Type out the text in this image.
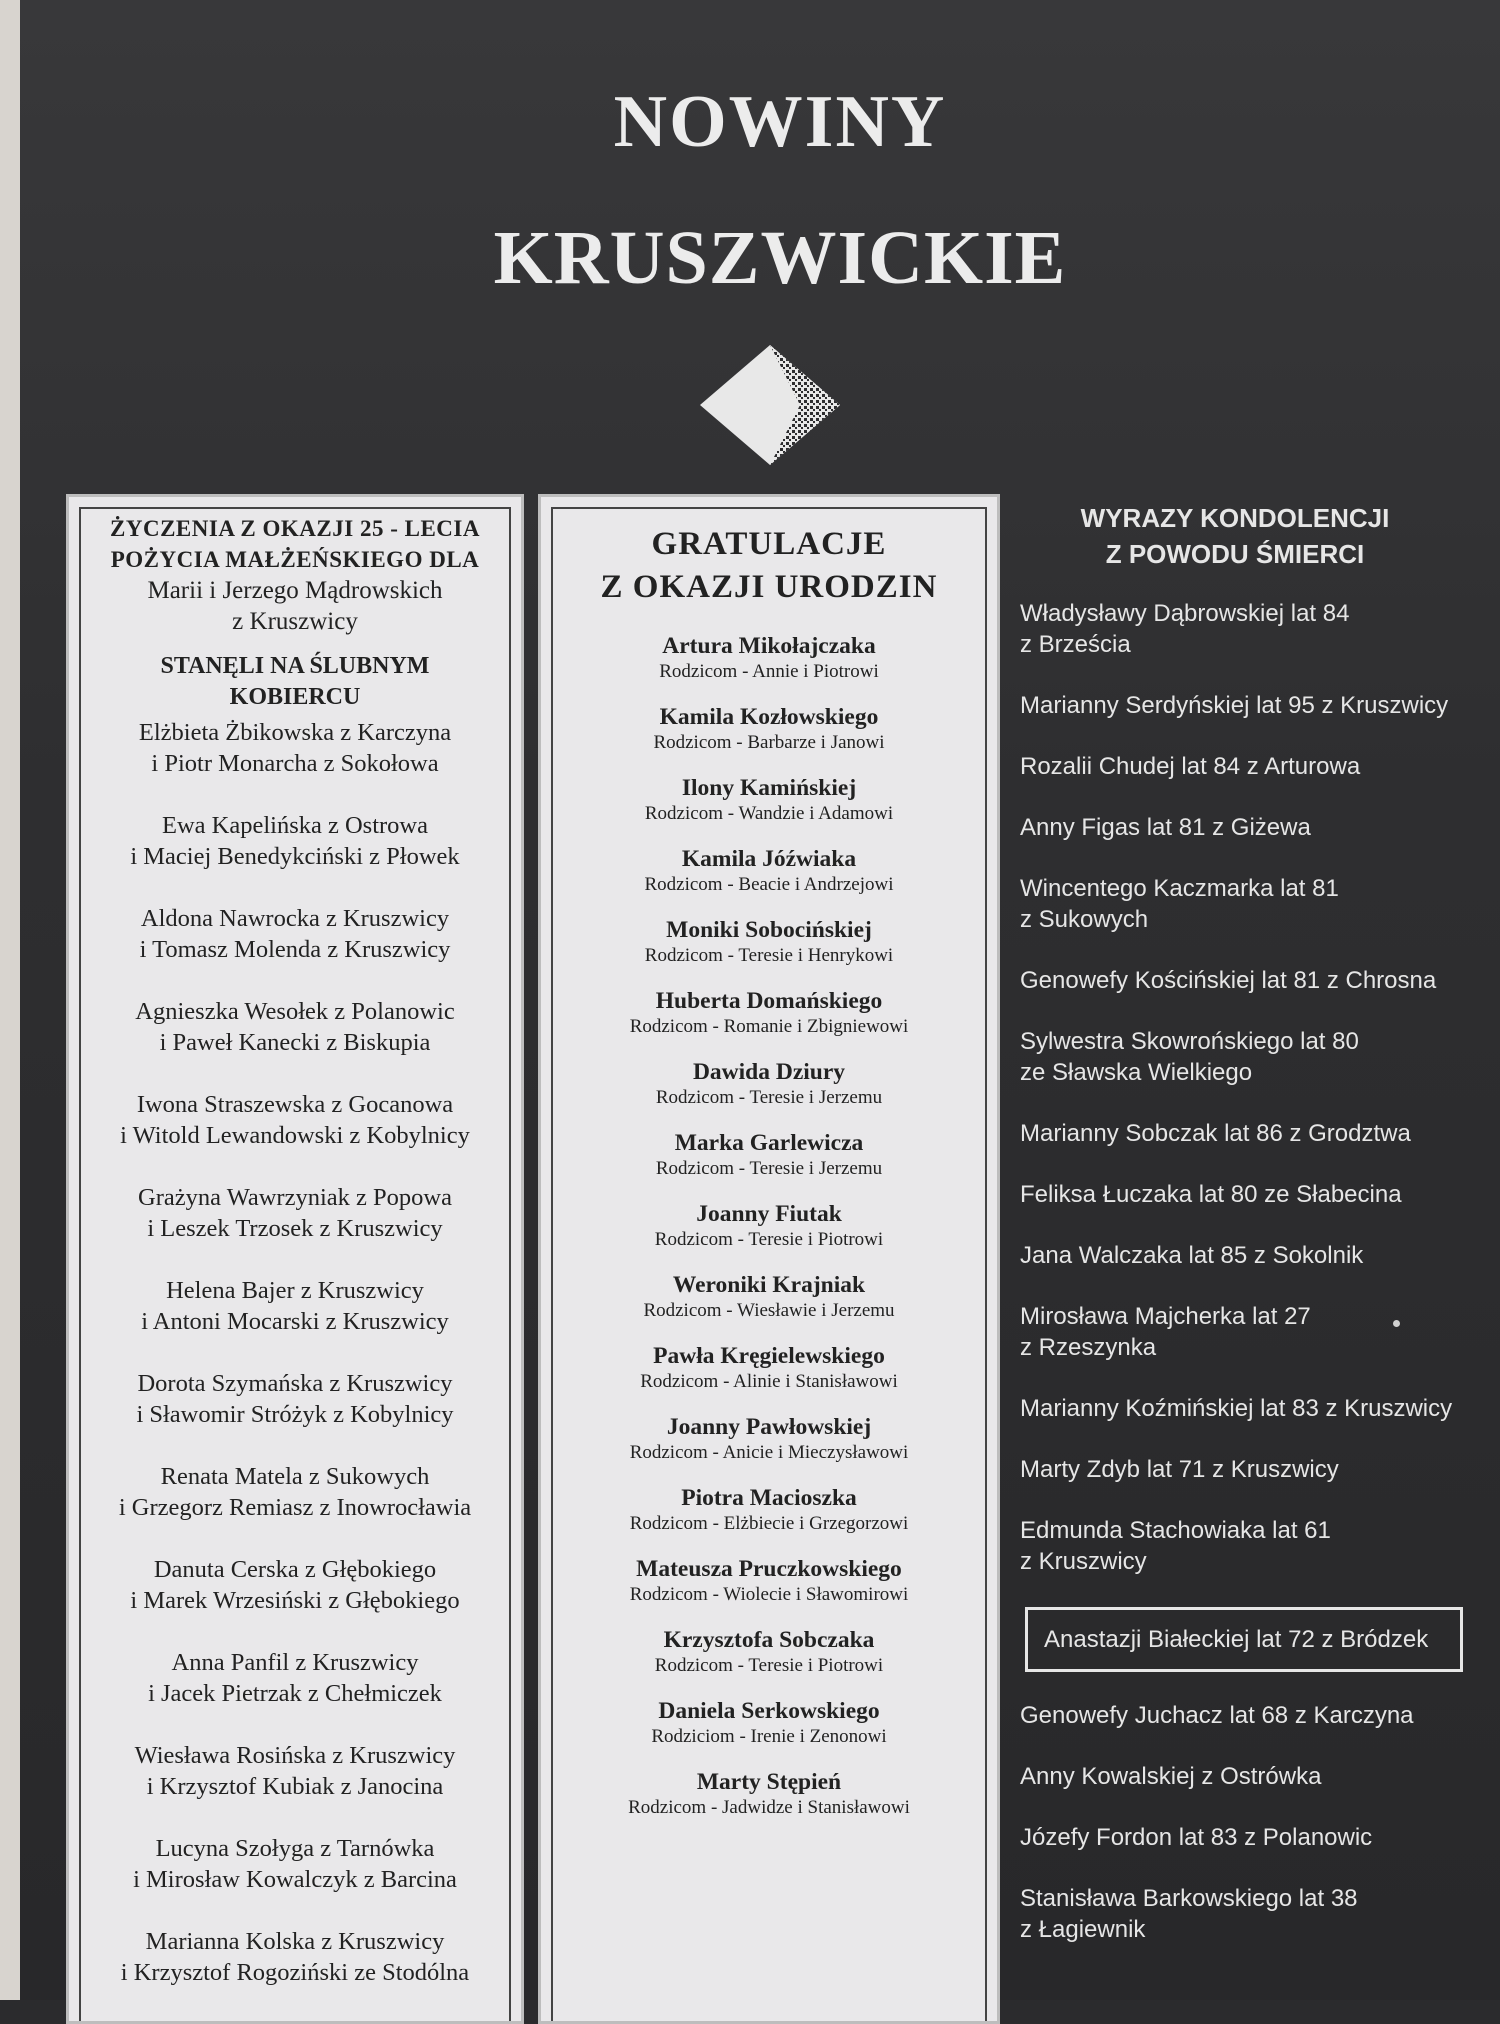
NOWINY
KRUSZWICKIE
ŻYCZENIA Z OKAZJI 25 - LECIA
POŻYCIA MAŁŻEŃSKIEGO DLA
Marii i Jerzego Mądrowskich
z Kruszwicy
STANĘLI NA ŚLUBNYM
KOBIERCU
Elżbieta Żbikowska z Karczyna
i Piotr Monarcha z Sokołowa
Ewa Kapelińska z Ostrowa
i Maciej Benedykciński z Płowek
Aldona Nawrocka z Kruszwicy
i Tomasz Molenda z Kruszwicy
Agnieszka Wesołek z Polanowic
i Paweł Kanecki z Biskupia
Iwona Straszewska z Gocanowa
i Witold Lewandowski z Kobylnicy
Grażyna Wawrzyniak z Popowa
i Leszek Trzosek z Kruszwicy
Helena Bajer z Kruszwicy
i Antoni Mocarski z Kruszwicy
Dorota Szymańska z Kruszwicy
i Sławomir Stróżyk z Kobylnicy
Renata Matela z Sukowych
i Grzegorz Remiasz z Inowrocławia
Danuta Cerska z Głębokiego
i Marek Wrzesiński z Głębokiego
Anna Panfil z Kruszwicy
i Jacek Pietrzak z Chełmiczek
Wiesława Rosińska z Kruszwicy
i Krzysztof Kubiak z Janocina
Lucyna Szołyga z Tarnówka
i Mirosław Kowalczyk z Barcina
Marianna Kolska z Kruszwicy
i Krzysztof Rogoziński ze Stodólna
GRATULACJE
Z OKAZJI URODZIN
Artura Mikołajczaka
Rodzicom - Annie i Piotrowi
Kamila Kozłowskiego
Rodzicom - Barbarze i Janowi
Ilony Kamińskiej
Rodzicom - Wandzie i Adamowi
Kamila Jóźwiaka
Rodzicom - Beacie i Andrzejowi
Moniki Sobocińskiej
Rodzicom - Teresie i Henrykowi
Huberta Domańskiego
Rodzicom - Romanie i Zbigniewowi
Dawida Dziury
Rodzicom - Teresie i Jerzemu
Marka Garlewicza
Rodzicom - Teresie i Jerzemu
Joanny Fiutak
Rodzicom - Teresie i Piotrowi
Weroniki Krajniak
Rodzicom - Wiesławie i Jerzemu
Pawła Kręgielewskiego
Rodzicom - Alinie i Stanisławowi
Joanny Pawłowskiej
Rodzicom - Anicie i Mieczysławowi
Piotra Macioszka
Rodzicom - Elżbiecie i Grzegorzowi
Mateusza Pruczkowskiego
Rodzicom - Wiolecie i Sławomirowi
Krzysztofa Sobczaka
Rodzicom - Teresie i Piotrowi
Daniela Serkowskiego
Rodziciom - Irenie i Zenonowi
Marty Stępień
Rodzicom - Jadwidze i Stanisławowi
WYRAZY KONDOLENCJI
Z POWODU ŚMIERCI
Władysławy Dąbrowskiej lat 84
z Brześcia
Marianny Serdyńskiej lat 95 z Kruszwicy
Rozalii Chudej lat 84 z Arturowa
Anny Figas lat 81 z Giżewa
Wincentego Kaczmarka lat 81
z Sukowych
Genowefy Kościńskiej lat 81 z Chrosna
Sylwestra Skowrońskiego lat 80
ze Sławska Wielkiego
Marianny Sobczak lat 86 z Grodztwa
Feliksa Łuczaka lat 80 ze Słabecina
Jana Walczaka lat 85 z Sokolnik
Mirosława Majcherka lat 27
z Rzeszynka
Marianny Koźmińskiej lat 83 z Kruszwicy
Marty Zdyb lat 71 z Kruszwicy
Edmunda Stachowiaka lat 61
z Kruszwicy
Anastazji Białeckiej lat 72 z Bródzek
Genowefy Juchacz lat 68 z Karczyna
Anny Kowalskiej z Ostrówka
Józefy Fordon lat 83 z Polanowic
Stanisława Barkowskiego lat 38
z Łagiewnik
